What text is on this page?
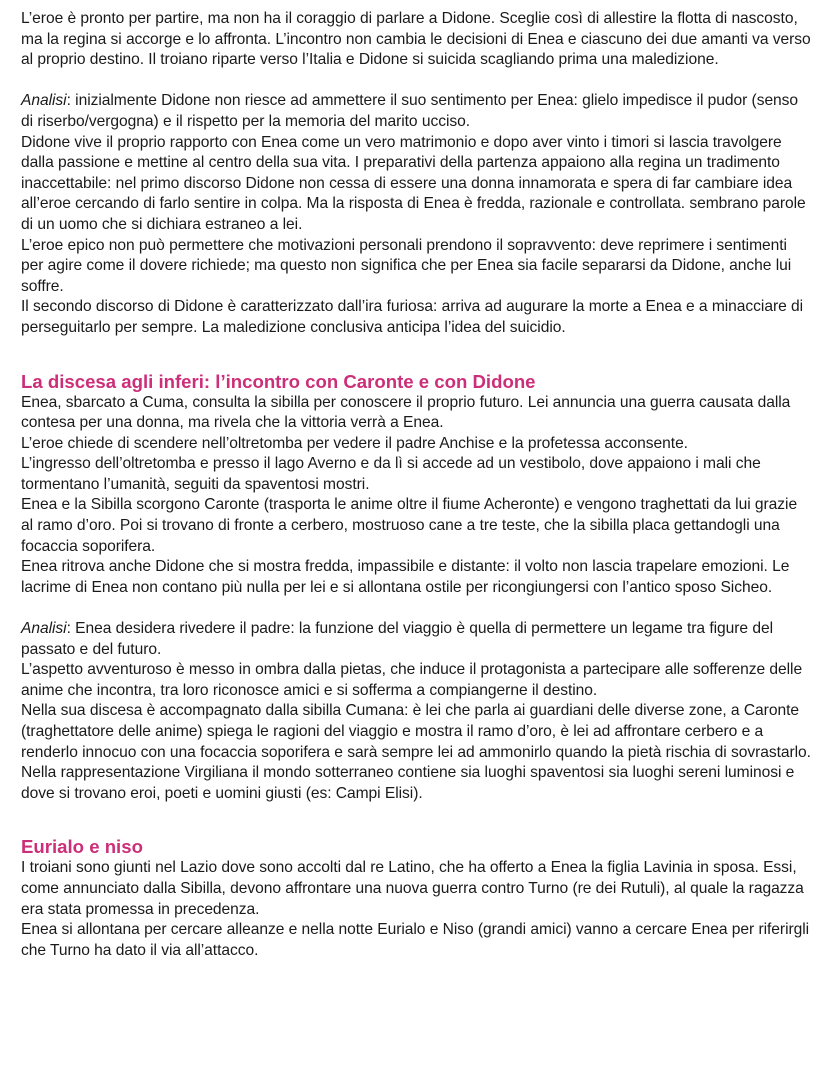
L’eroe è pronto per partire, ma non ha il coraggio di parlare a Didone. Sceglie così di allestire la flotta di nascosto, ma la regina si accorge e lo affronta. L’incontro non cambia le decisioni di Enea e ciascuno dei due amanti va verso al proprio destino. Il troiano riparte verso l’Italia e Didone si suicida scagliando prima una maledizione.

Analisi: inizialmente Didone non riesce ad ammettere il suo sentimento per Enea: glielo impedisce il pudor (senso di riserbo/vergogna) e il rispetto per la memoria del marito ucciso.

Didone vive il proprio rapporto con Enea come un vero matrimonio e dopo aver vinto i timori si lascia travolgere dalla passione e mettine al centro della sua vita. I preparativi della partenza appaiono alla regina un tradimento inaccettabile: nel primo discorso Didone non cessa di essere una donna innamorata e spera di far cambiare idea all’eroe cercando di farlo sentire in colpa. Ma la risposta di Enea è fredda, razionale e controllata. sembrano parole di un uomo che si dichiara estraneo a lei.

L’eroe epico non può permettere che motivazioni personali prendono il sopravvento: deve reprimere i sentimenti per agire come il dovere richiede; ma questo non significa che per Enea sia facile separarsi da Didone, anche lui soffre.

Il secondo discorso di Didone è caratterizzato dall’ira furiosa: arriva ad augurare la morte a Enea e a minacciare di perseguitarlo per sempre. La maledizione conclusiva anticipa l’idea del suicidio.

La discesa agli inferi: l’incontro con Caronte e con Didone

Enea, sbarcato a Cuma, consulta la sibilla per conoscere il proprio futuro. Lei annuncia una guerra causata dalla contesa per una donna, ma rivela che la vittoria verrà a Enea.

L’eroe chiede di scendere nell’oltretomba per vedere il padre Anchise e la profetessa acconsente.

L’ingresso dell’oltretomba e presso il lago Averno e da lì si accede ad un vestibolo, dove appaiono i mali che tormentano l’umanità, seguiti da spaventosi mostri.

Enea e la Sibilla scorgono Caronte (trasporta le anime oltre il fiume Acheronte) e vengono traghettati da lui grazie al ramo d’oro. Poi si trovano di fronte a cerbero, mostruoso cane a tre teste, che la sibilla placa gettandogli una focaccia soporifera.

Enea ritrova anche Didone che si mostra fredda, impassibile e distante: il volto non lascia trapelare emozioni. Le lacrime di Enea non contano più nulla per lei e si allontana ostile per ricongiungersi con l’antico sposo Sicheo.

Analisi: Enea desidera rivedere il padre: la funzione del viaggio è quella di permettere un legame tra figure del passato e del futuro.

L’aspetto avventuroso è messo in ombra dalla pietas, che induce il protagonista a partecipare alle sofferenze delle anime che incontra, tra loro riconosce amici e si sofferma a compiangerne il destino.

Nella sua discesa è accompagnato dalla sibilla Cumana: è lei che parla ai guardiani delle diverse zone, a Caronte (traghettatore delle anime) spiega le ragioni del viaggio e mostra il ramo d’oro, è lei ad affrontare cerbero e a renderlo innocuo con una focaccia soporifera e sarà sempre lei ad ammonirlo quando la pietà rischia di sovrastarlo.

Nella rappresentazione Virgiliana il mondo sotterraneo contiene sia luoghi spaventosi sia luoghi sereni luminosi e dove si trovano eroi, poeti e uomini giusti (es: Campi Elisi).

Eurialo e niso

I troiani sono giunti nel Lazio dove sono accolti dal re Latino, che ha offerto a Enea la figlia Lavinia in sposa. Essi, come annunciato dalla Sibilla, devono affrontare una nuova guerra contro Turno (re dei Rutuli), al quale la ragazza era stata promessa in precedenza.

Enea si allontana per cercare alleanze e nella notte Eurialo e Niso (grandi amici) vanno a cercare Enea per riferirgli che Turno ha dato il via all’attacco.
